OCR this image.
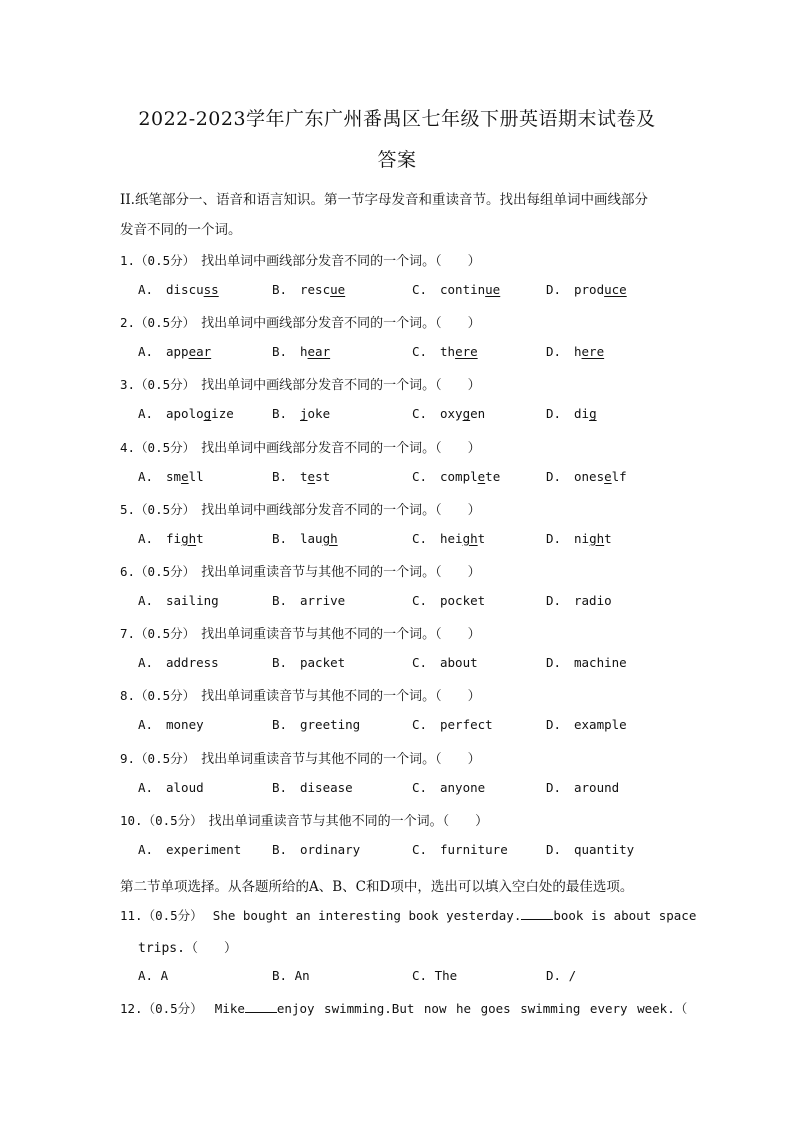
2022-2023学年广东广州番禺区七年级下册英语期末试卷及
答案
II.纸笔部分一、语音和语言知识。第一节字母发音和重读音节。找出每组单词中画线部分
发音不同的一个词。
1.（0.5分） 找出单词中画线部分发音不同的一个词。（　　）
A. discuss	B. rescue	C. continue	D. produce
2.（0.5分） 找出单词中画线部分发音不同的一个词。（　　）
A. appear	B. hear	C. there	D. here
3.（0.5分） 找出单词中画线部分发音不同的一个词。（　　）
A. apologize	B. joke	C. oxygen	D. dig
4.（0.5分） 找出单词中画线部分发音不同的一个词。（　　）
A. smell	B. test	C. complete	D. oneself
5.（0.5分） 找出单词中画线部分发音不同的一个词。（　　）
A. fight	B. laugh	C. height	D. night
6.（0.5分） 找出单词重读音节与其他不同的一个词。（　　）
A. sailing	B. arrive	C. pocket	D. radio
7.（0.5分） 找出单词重读音节与其他不同的一个词。（　　）
A. address	B. packet	C. about	D. machine
8.（0.5分） 找出单词重读音节与其他不同的一个词。（　　）
A. money	B. greeting	C. perfect	D. example
9.（0.5分） 找出单词重读音节与其他不同的一个词。（　　）
A. aloud	B. disease	C. anyone	D. around
10.（0.5分） 找出单词重读音节与其他不同的一个词。（　　）
A. experiment B. ordinary	C. furniture	D. quantity
第二节单项选择。从各题所给的A、B、C和D项中，选出可以填入空白处的最佳选项。
11.（0.5分） She bought an interesting book yesterday.	book is about space
trips.（　　）
A. A	B. An	C. The	D. /
12.（0.5分） Mike	enjoy swimming.But now he goes swimming every week.（
